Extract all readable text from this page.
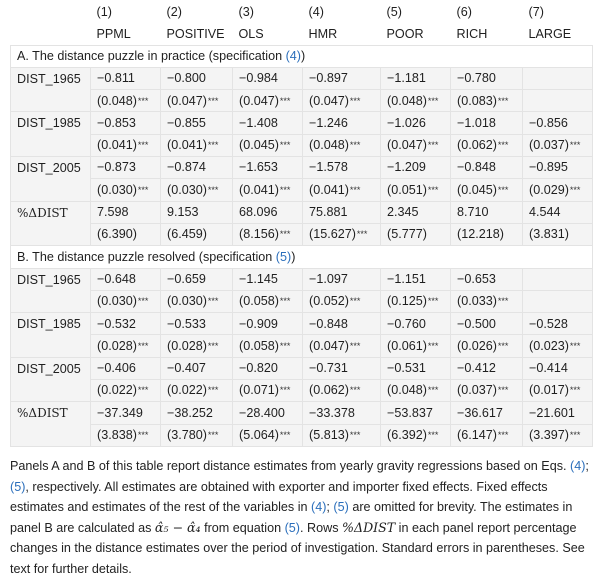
	(1)	(2)	(3)	(4)	(5)	(6)	(7)
	PPML	POSITIVE	OLS	HMR	POOR	RICH	LARGE
A. The distance puzzle in practice (specification (4))							
DIST_1965	−0.811	−0.800	−0.984	−0.897	−1.181	−0.780	
	(0.048)***	(0.047)***	(0.047)***	(0.047)***	(0.048)***	(0.083)***	
DIST_1985	−0.853	−0.855	−1.408	−1.246	−1.026	−1.018	−0.856
	(0.041)***	(0.041)***	(0.045)***	(0.048)***	(0.047)***	(0.062)***	(0.037)***
DIST_2005	−0.873	−0.874	−1.653	−1.578	−1.209	−0.848	−0.895
	(0.030)***	(0.030)***	(0.041)***	(0.041)***	(0.051)***	(0.045)***	(0.029)***
%ΔDIST	7.598	9.153	68.096	75.881	2.345	8.710	4.544
	(6.390)	(6.459)	(8.156)***	(15.627)***	(5.777)	(12.218)	(3.831)
B. The distance puzzle resolved (specification (5))							
DIST_1965	−0.648	−0.659	−1.145	−1.097	−1.151	−0.653	
	(0.030)***	(0.030)***	(0.058)***	(0.052)***	(0.125)***	(0.033)***	
DIST_1985	−0.532	−0.533	−0.909	−0.848	−0.760	−0.500	−0.528
	(0.028)***	(0.028)***	(0.058)***	(0.047)***	(0.061)***	(0.026)***	(0.023)***
DIST_2005	−0.406	−0.407	−0.820	−0.731	−0.531	−0.412	−0.414
	(0.022)***	(0.022)***	(0.071)***	(0.062)***	(0.048)***	(0.037)***	(0.017)***
%ΔDIST	−37.349	−38.252	−28.400	−33.378	−53.837	−36.617	−21.601
	(3.838)***	(3.780)***	(5.064)***	(5.813)***	(6.392)***	(6.147)***	(3.397)***
Panels A and B of this table report distance estimates from yearly gravity regressions based on Eqs. (4); (5), respectively. All estimates are obtained with exporter and importer fixed effects. Fixed effects estimates and estimates of the rest of the variables in (4); (5) are omitted for brevity. The estimates in panel B are calculated as α̂₅ − α̂₄ from equation (5). Rows %ΔDIST in each panel report percentage changes in the distance estimates over the period of investigation. Standard errors in parentheses. See text for further details.
